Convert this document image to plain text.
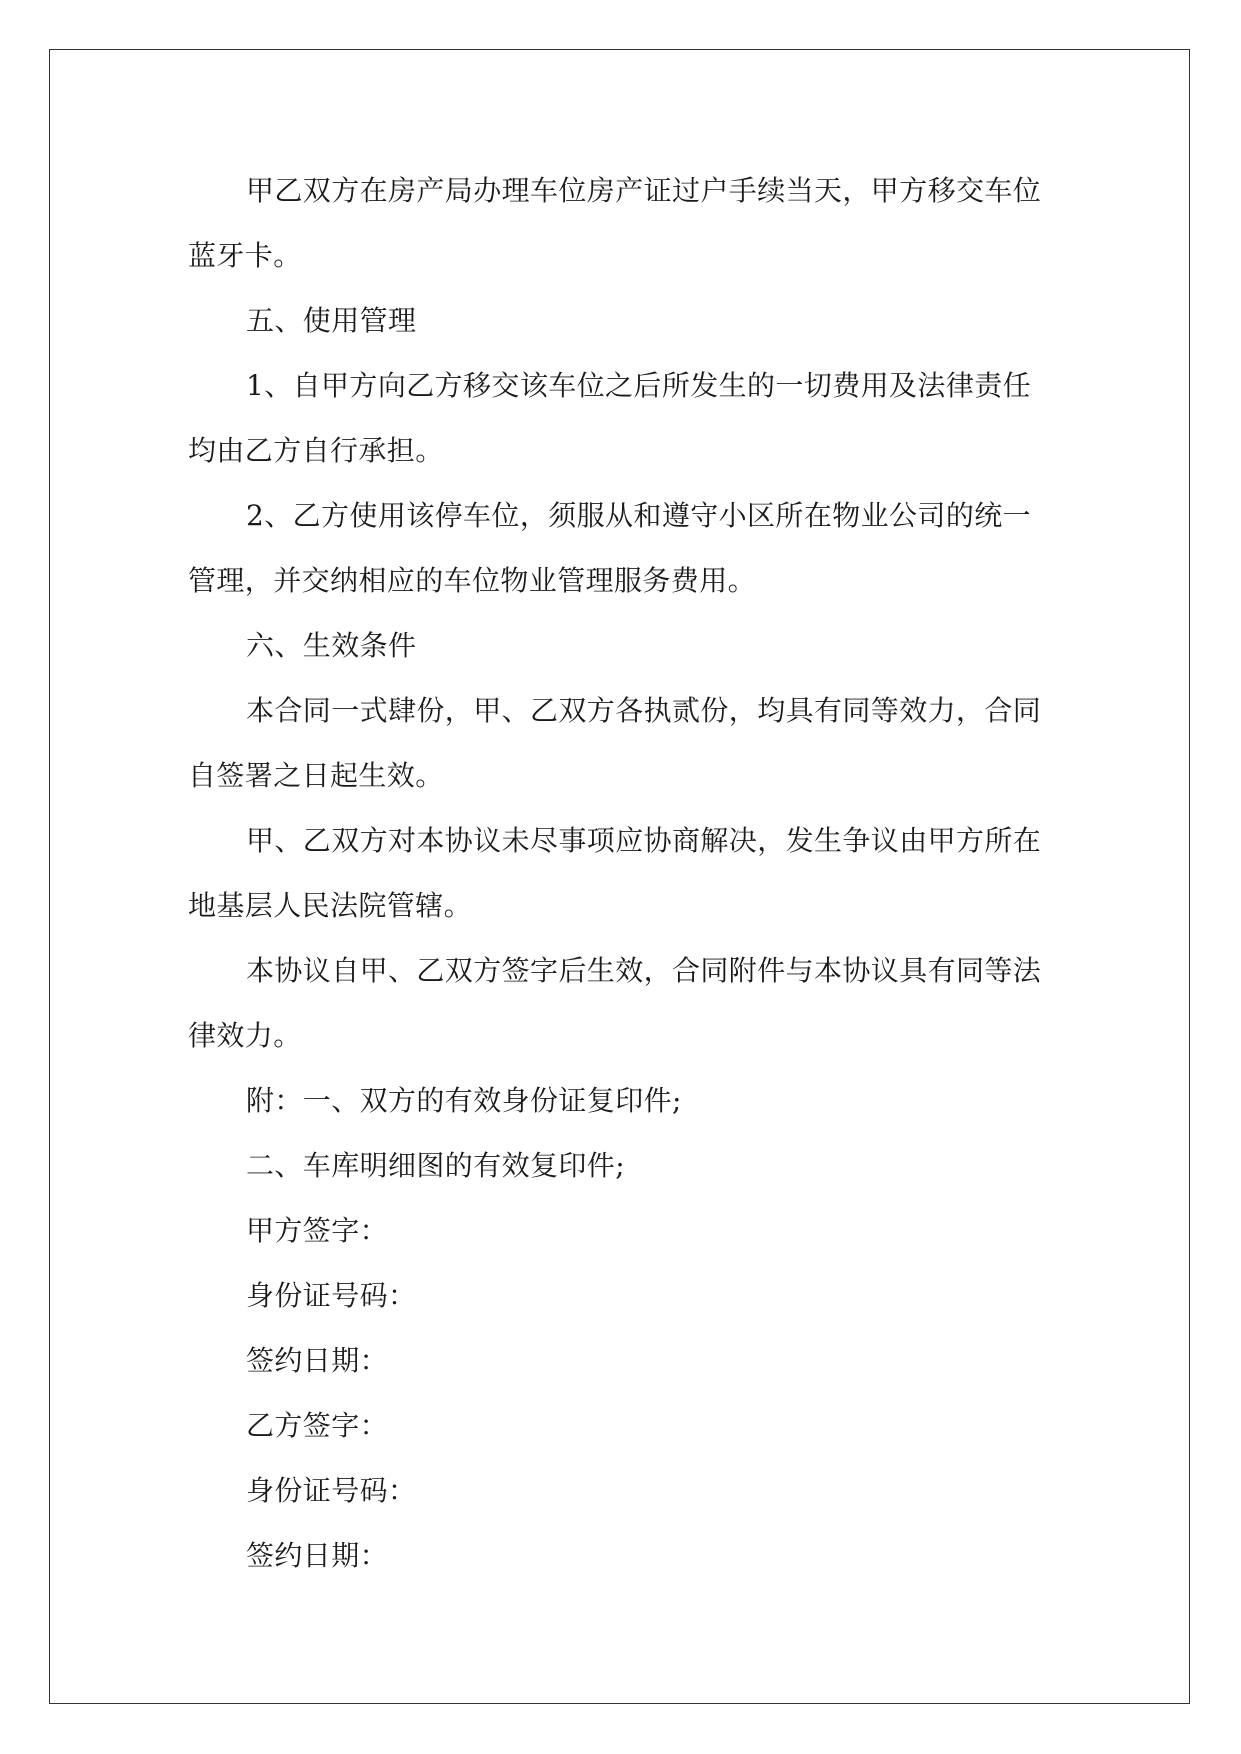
甲乙双方在房产局办理车位房产证过户手续当天，甲方移交车位蓝牙卡。

五、使用管理

1、自甲方向乙方移交该车位之后所发生的一切费用及法律责任均由乙方自行承担。

2、乙方使用该停车位，须服从和遵守小区所在物业公司的统一管理，并交纳相应的车位物业管理服务费用。

六、生效条件

本合同一式肆份，甲、乙双方各执贰份，均具有同等效力，合同自签署之日起生效。

甲、乙双方对本协议未尽事项应协商解决，发生争议由甲方所在地基层人民法院管辖。

本协议自甲、乙双方签字后生效，合同附件与本协议具有同等法律效力。

附：一、双方的有效身份证复印件;

二、车库明细图的有效复印件;

甲方签字：

身份证号码：

签约日期：

乙方签字：

身份证号码：

签约日期：
